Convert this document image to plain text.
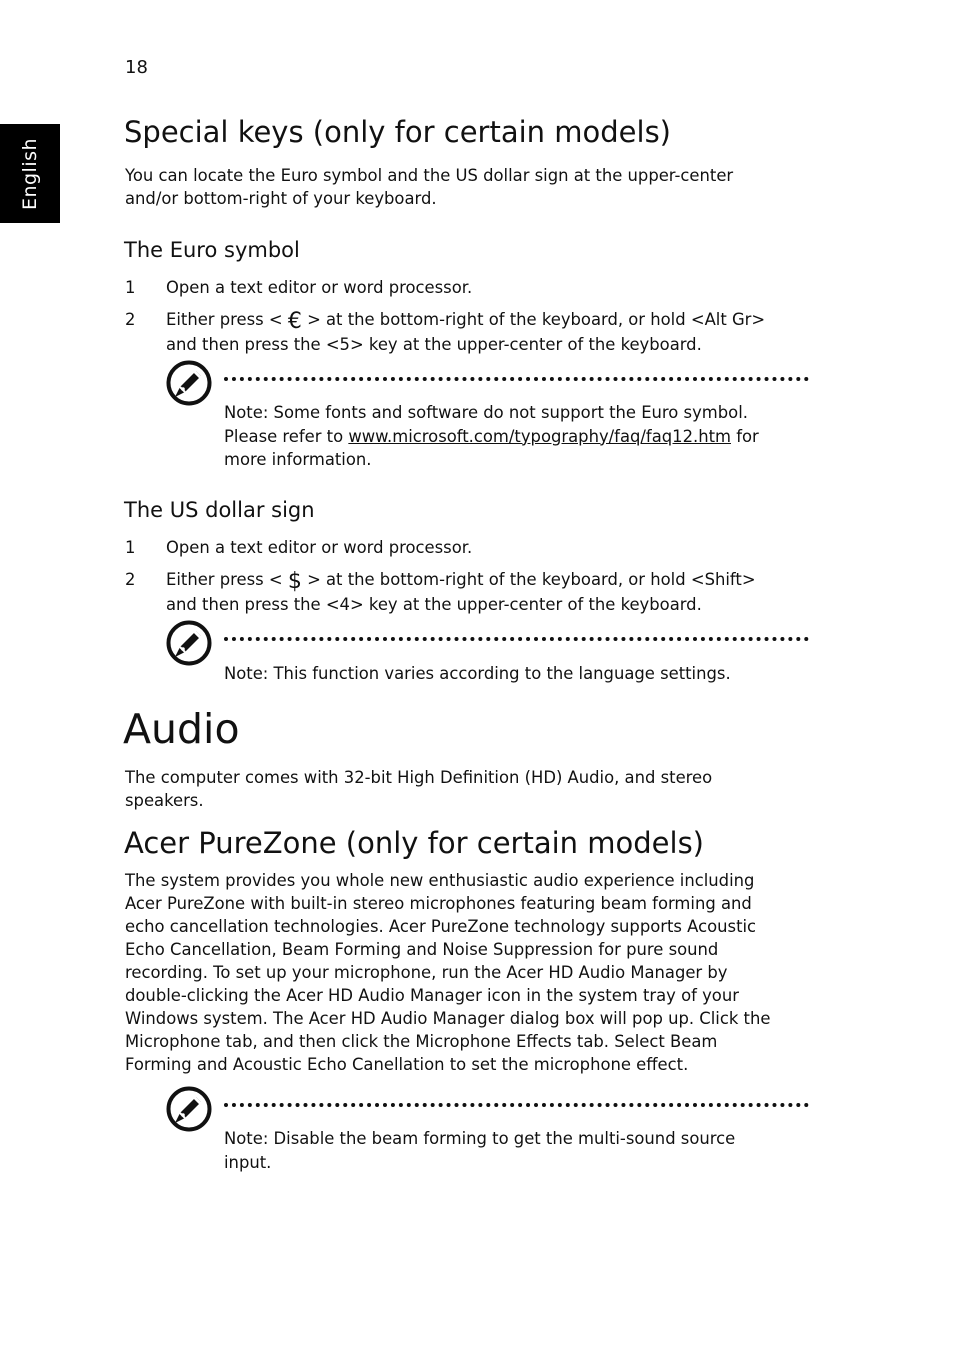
18
English
Special keys (only for certain models)
You can locate the Euro symbol and the US dollar sign at the upper-center
and/or bottom-right of your keyboard.
The Euro symbol
1 Open a text editor or word processor.
2 Either press < € > at the bottom-right of the keyboard, or hold <Alt Gr>
and then press the <5> key at the upper-center of the keyboard.
Note: Some fonts and software do not support the Euro symbol.
Please refer to www.microsoft.com/typography/faq/faq12.htm for
more information.
The US dollar sign
1 Open a text editor or word processor.
2 Either press < $ > at the bottom-right of the keyboard, or hold <Shift>
and then press the <4> key at the upper-center of the keyboard.
Note: This function varies according to the language settings.
Audio
The computer comes with 32-bit High Definition (HD) Audio, and stereo
speakers.
Acer PureZone (only for certain models)
The system provides you whole new enthusiastic audio experience including
Acer PureZone with built-in stereo microphones featuring beam forming and
echo cancellation technologies. Acer PureZone technology supports Acoustic
Echo Cancellation, Beam Forming and Noise Suppression for pure sound
recording. To set up your microphone, run the Acer HD Audio Manager by
double-clicking the Acer HD Audio Manager icon in the system tray of your
Windows system. The Acer HD Audio Manager dialog box will pop up. Click the
Microphone tab, and then click the Microphone Effects tab. Select Beam
Forming and Acoustic Echo Canellation to set the microphone effect.
Note: Disable the beam forming to get the multi-sound source
input.
